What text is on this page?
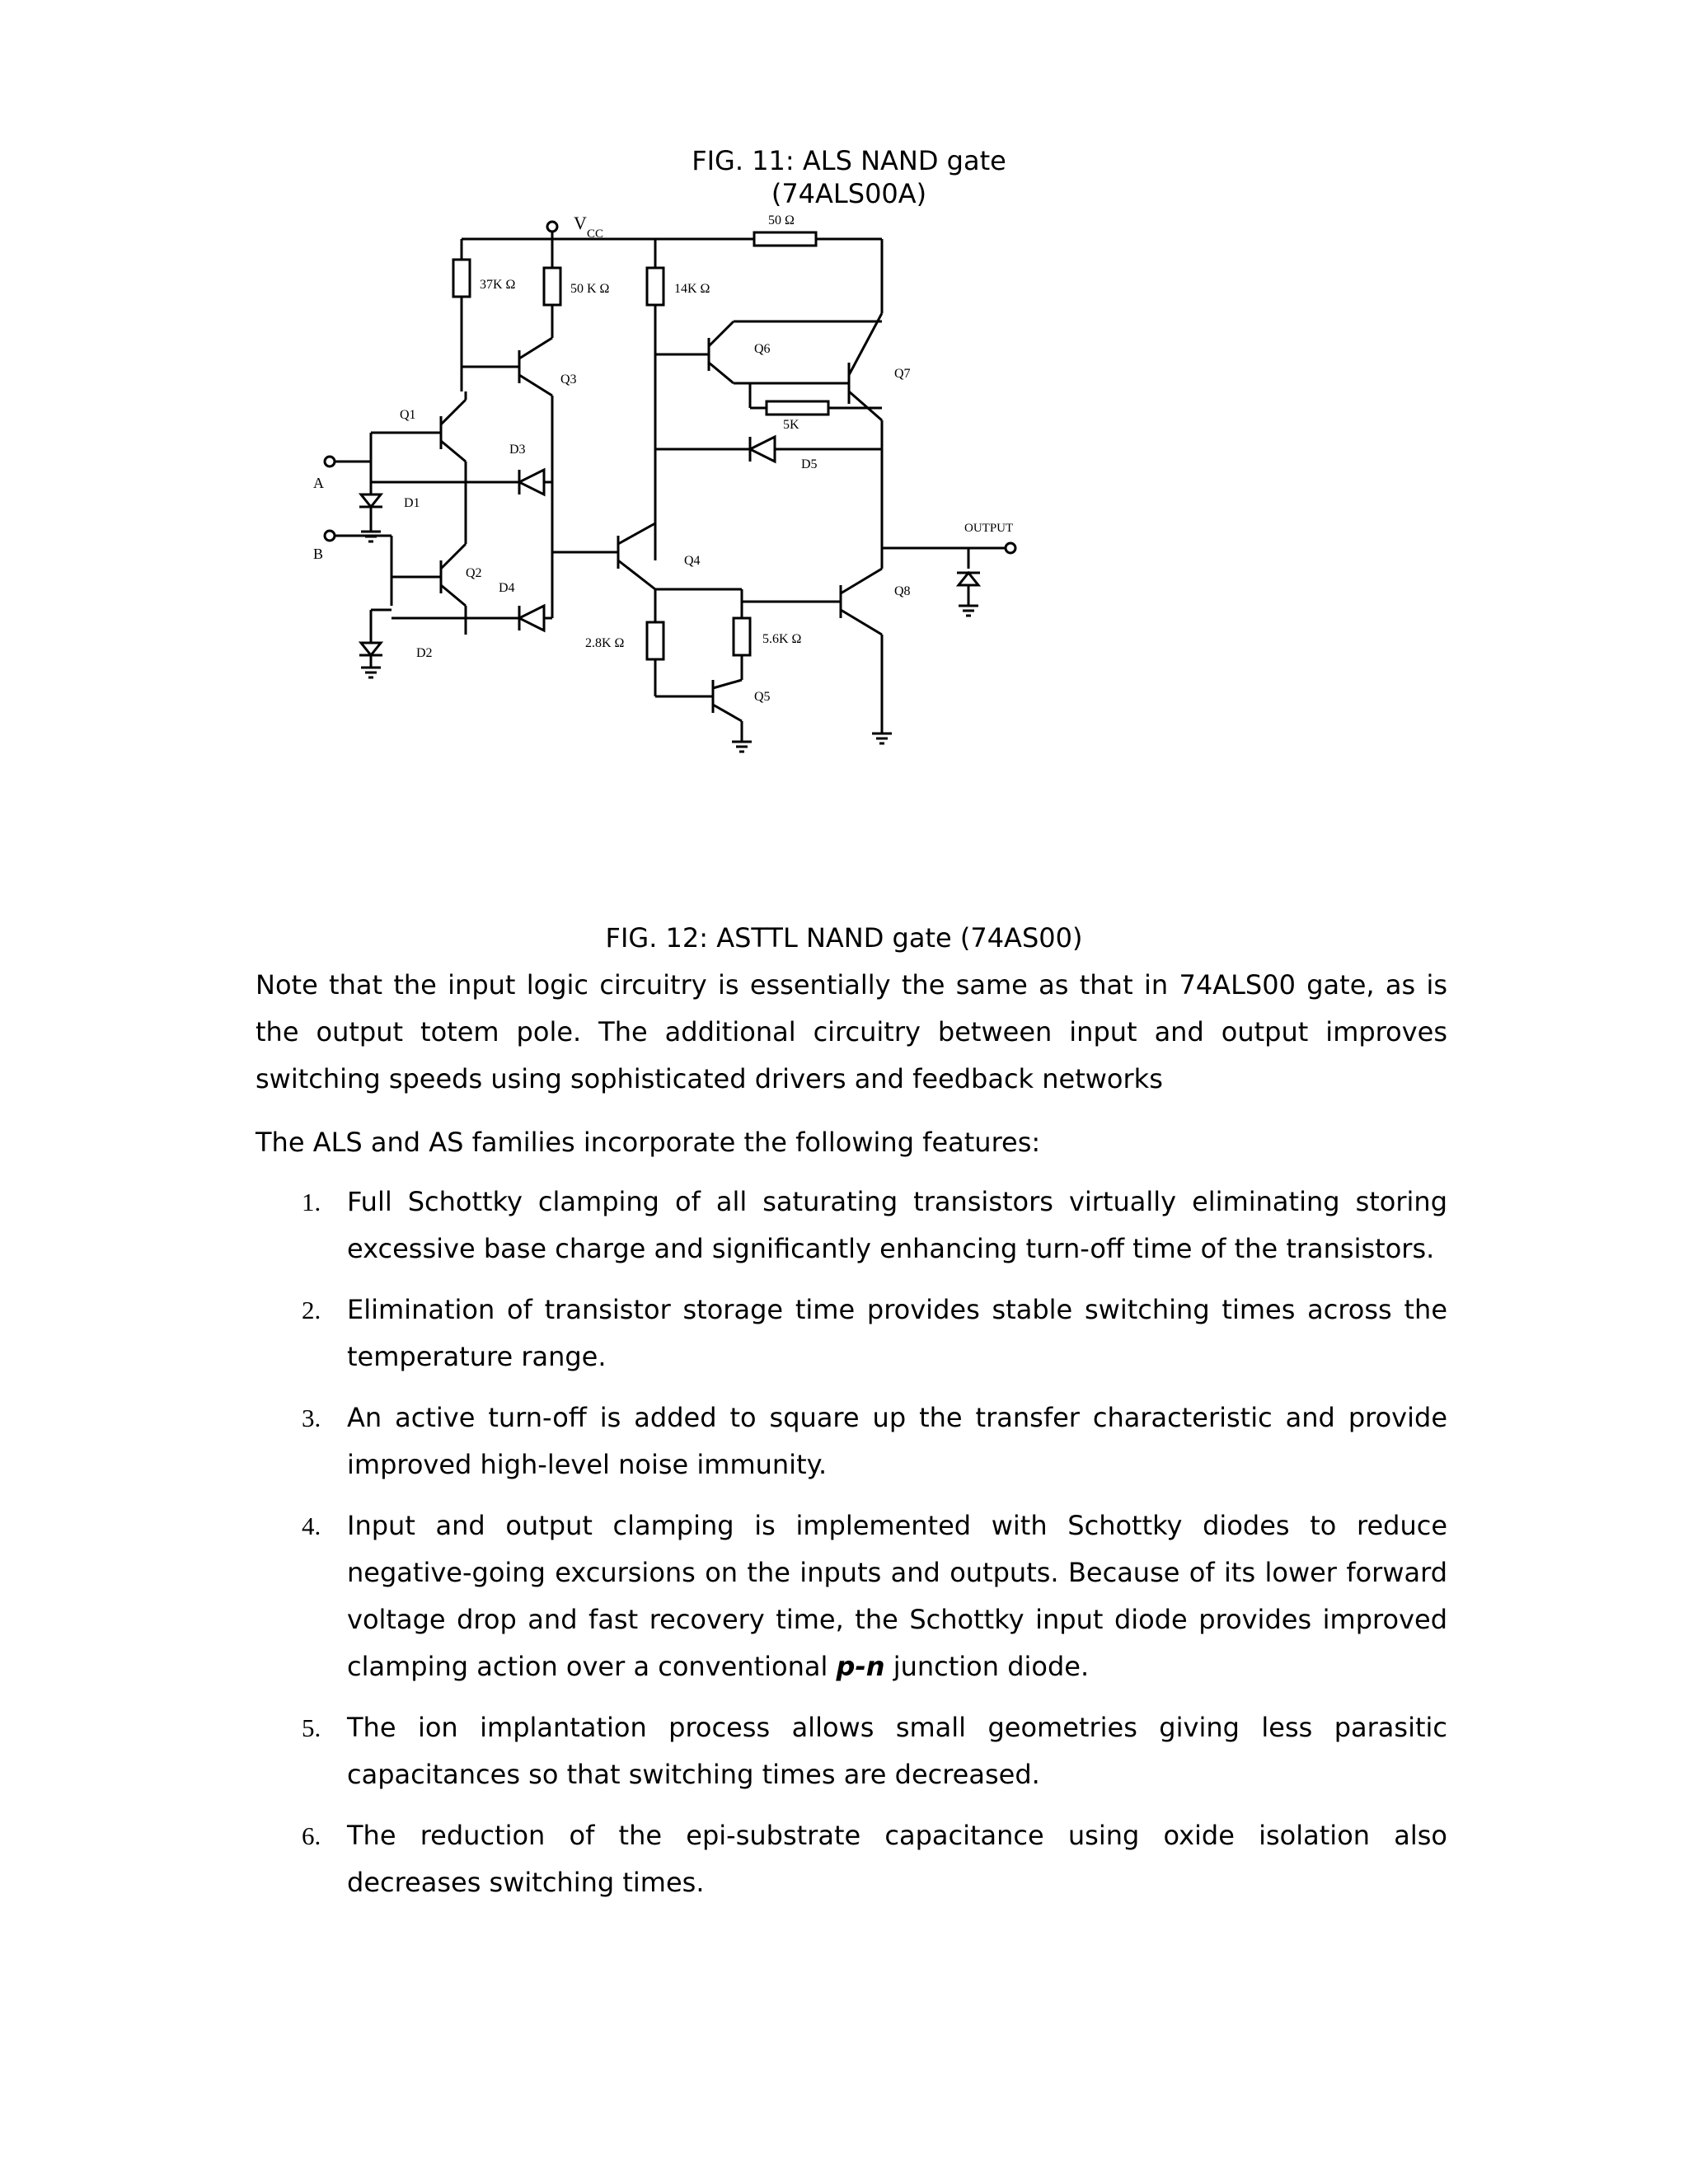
FIG. 11: ALS NAND gate
(74ALS00A)
V
CC
50 Ω
37K Ω	50 K Ω	14K Ω
5K
2.8K Ω	5.6K Ω
Q1
Q2
Q3
Q4
Q5
Q6
Q7
Q8
D1
D2
D3
D4
D5
A
B
OUTPUT
FIG. 12: ASTTL NAND gate (74AS00)

Note that the input logic circuitry is essentially the same as that in 74ALS00 gate, as is the output totem pole. The additional circuitry between input and output improves switching speeds using sophisticated drivers and feedback networks

The ALS and AS families incorporate the following features:

1. Full Schottky clamping of all saturating transistors virtually eliminating storing excessive base charge and significantly enhancing turn-off time of the transistors.

2. Elimination of transistor storage time provides stable switching times across the temperature range.

3. An active turn-off is added to square up the transfer characteristic and provide improved high-level noise immunity.

4. Input and output clamping is implemented with Schottky diodes to reduce negative-going excursions on the inputs and outputs. Because of its lower forward voltage drop and fast recovery time, the Schottky input diode provides improved clamping action over a conventional p-n junction diode.

5. The ion implantation process allows small geometries giving less parasitic capacitances so that switching times are decreased.

6. The reduction of the epi-substrate capacitance using oxide isolation also decreases switching times.
